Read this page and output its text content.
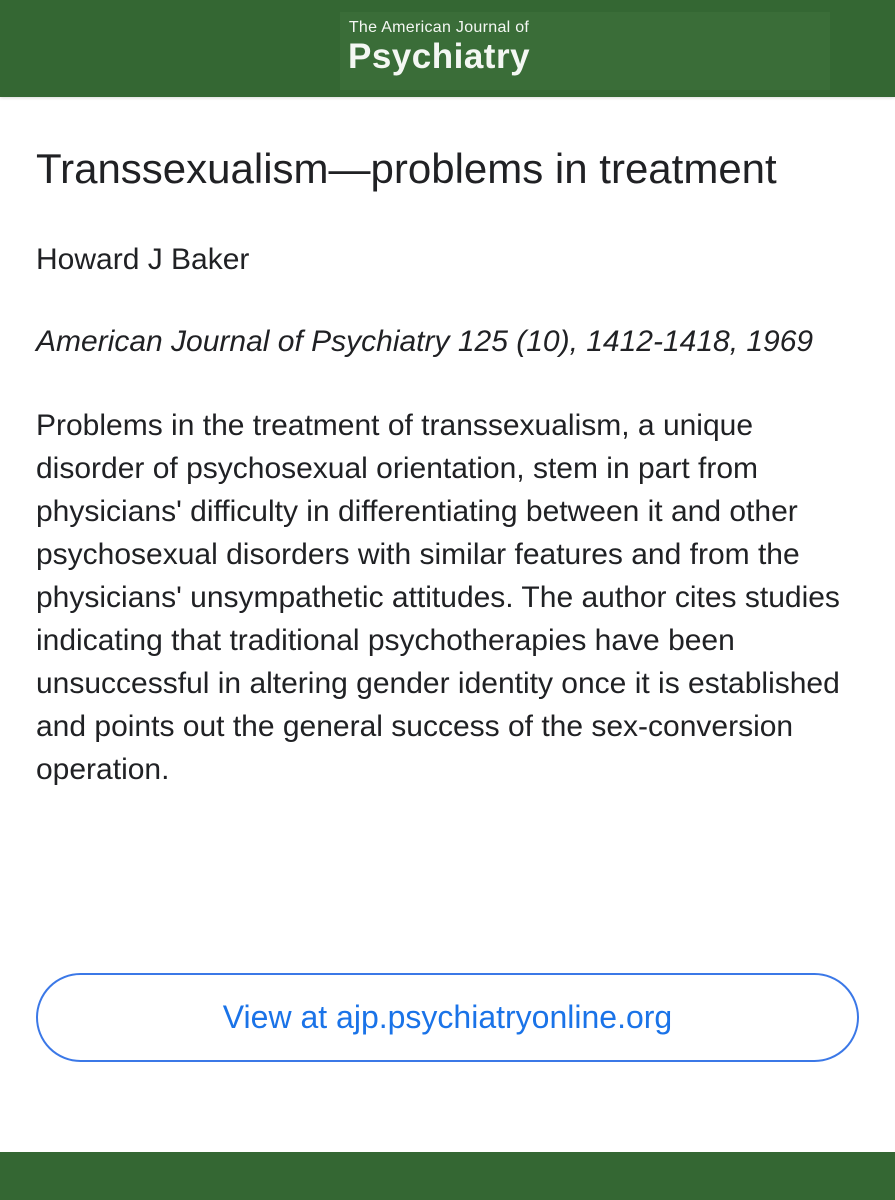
The American Journal of
Psychiatry
Transsexualism—problems in treatment
Howard J Baker
American Journal of Psychiatry 125 (10), 1412-1418, 1969

Problems in the treatment of transsexualism, a unique disorder of psychosexual orientation, stem in part from physicians' difficulty in differentiating between it and other psychosexual disorders with similar features and from the physicians' unsympathetic attitudes. The author cites studies indicating that traditional psychotherapies have been unsuccessful in altering gender identity once it is established and points out the general success of the sex-conversion operation.

View at ajp.psychiatryonline.org
